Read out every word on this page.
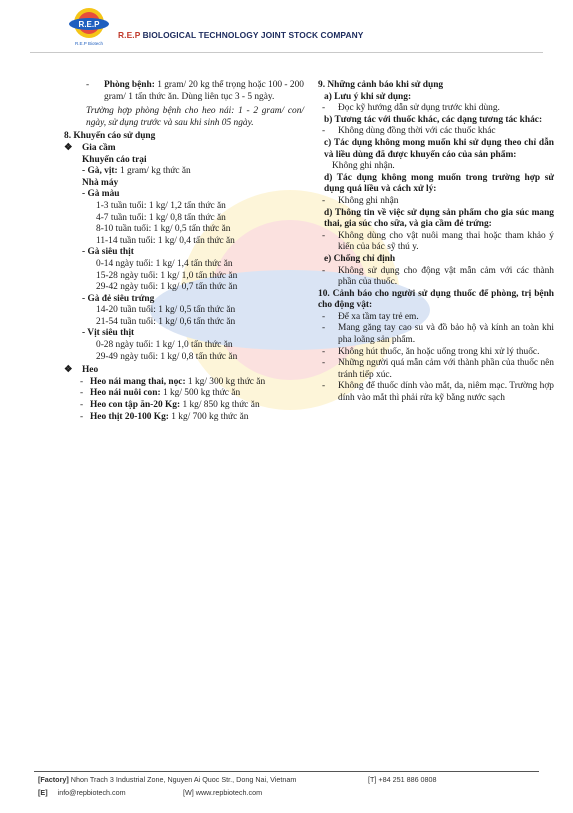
R.E.P
R.E.P Biotech
R.E.P BIOLOGICAL TECHNOLOGY JOINT STOCK COMPANY
- Phòng bệnh: 1 gram/ 20 kg thể trọng hoặc 100 - 200 gram/ 1 tấn thức ăn. Dùng liên tục 3 - 5 ngày.
Trường hợp phòng bệnh cho heo nái: 1 - 2 gram/ con/ ngày, sử dụng trước và sau khi sinh 05 ngày.
8. Khuyến cáo sử dụng
❖ Gia cầm
Khuyến cáo trại
- Gà, vịt: 1 gram/ kg thức ăn
Nhà máy
- Gà màu
1-3 tuần tuổi: 1 kg/ 1,2 tấn thức ăn
4-7 tuần tuổi: 1 kg/ 0,8 tấn thức ăn
8-10 tuần tuổi: 1 kg/ 0,5 tấn thức ăn
11-14 tuần tuổi: 1 kg/ 0,4 tấn thức ăn
- Gà siêu thịt
0-14 ngày tuổi: 1 kg/ 1,4 tấn thức ăn
15-28 ngày tuổi: 1 kg/ 1,0 tấn thức ăn
29-42 ngày tuổi: 1 kg/ 0,7 tấn thức ăn
- Gà đẻ siêu trứng
14-20 tuần tuổi: 1 kg/ 0,5 tấn thức ăn
21-54 tuần tuổi: 1 kg/ 0,6 tấn thức ăn
- Vịt siêu thịt
0-28 ngày tuổi: 1 kg/ 1,0 tấn thức ăn
29-49 ngày tuổi: 1 kg/ 0,8 tấn thức ăn
❖ Heo
- Heo nái mang thai, nọc: 1 kg/ 300 kg thức ăn
- Heo nái nuôi con: 1 kg/ 500 kg thức ăn
- Heo con tập ăn-20 Kg: 1 kg/ 850 kg thức ăn
- Heo thịt 20-100 Kg: 1 kg/ 700 kg thức ăn
9. Những cảnh báo khi sử dụng
a) Lưu ý khi sử dụng:
- Đọc kỹ hướng dẫn sử dụng trước khi dùng.
b) Tương tác với thuốc khác, các dạng tương tác khác:
- Không dùng đồng thời với các thuốc khác
c) Tác dụng không mong muốn khi sử dụng theo chỉ dẫn và liều dùng đã được khuyến cáo của sản phẩm:
Không ghi nhận.
d) Tác dụng không mong muốn trong trường hợp sử dụng quá liều và cách xử lý:
- Không ghi nhận
d) Thông tin về việc sử dụng sản phẩm cho gia súc mang thai, gia súc cho sữa, và gia cầm đẻ trứng:
- Không dùng cho vật nuôi mang thai hoặc tham khảo ý kiến của bác sỹ thú y.
e) Chống chỉ định
- Không sử dụng cho động vật mẫn cảm với các thành phần của thuốc.
10. Cảnh báo cho người sử dụng thuốc để phòng, trị bệnh cho động vật:
- Để xa tầm tay trẻ em.
- Mang găng tay cao su và đồ bảo hộ và kính an toàn khi pha loãng sản phẩm.
- Không hút thuốc, ăn hoặc uống trong khi xử lý thuốc.
- Những người quá mẫn cảm với thành phần của thuốc nên tránh tiếp xúc.
- Không để thuốc dính vào mắt, da, niêm mạc. Trường hợp dính vào mắt thì phải rửa kỹ bằng nước sạch
[Factory] Nhon Trach 3 Industrial Zone, Nguyen Ai Quoc Str., Dong Nai, Vietnam	[T] +84 251 886 0808
[E] info@repbiotech.com	[W] www.repbiotech.com
